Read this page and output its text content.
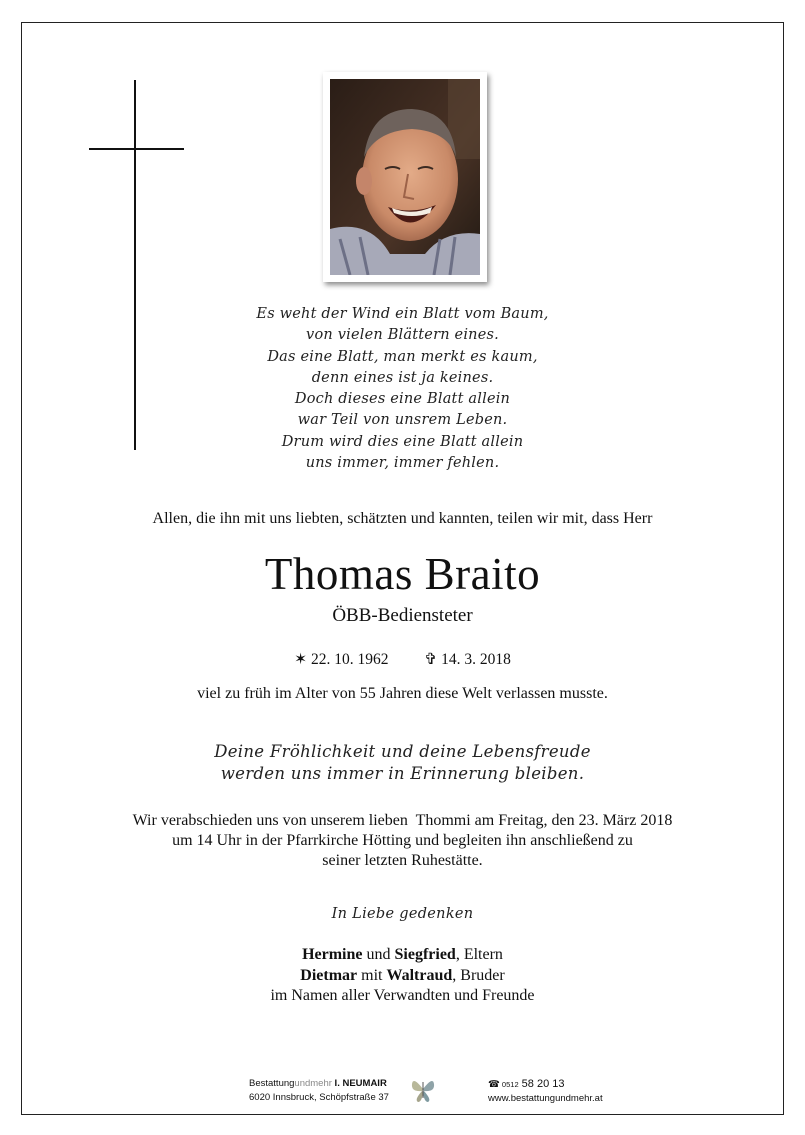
Es weht der Wind ein Blatt vom Baum,
von vielen Blättern eines.
Das eine Blatt, man merkt es kaum,
denn eines ist ja keines.
Doch dieses eine Blatt allein
war Teil von unsrem Leben.
Drum wird dies eine Blatt allein
uns immer, immer fehlen.
Allen, die ihn mit uns liebten, schätzten und kannten, teilen wir mit, dass Herr
Thomas Braito
ÖBB-Bediensteter
✶ 22. 10. 1962 ✞ 14. 3. 2018
viel zu früh im Alter von 55 Jahren diese Welt verlassen musste.
Deine Fröhlichkeit und deine Lebensfreude
werden uns immer in Erinnerung bleiben.
Wir verabschieden uns von unserem lieben  Thommi am Freitag, den 23. März 2018
um 14 Uhr in der Pfarrkirche Hötting und begleiten ihn anschließend zu
seiner letzten Ruhestätte.
In Liebe gedenken
Hermine und Siegfried, Eltern
Dietmar mit Waltraud, Bruder
im Namen aller Verwandten und Freunde
Bestattungundmehr I. NEUMAIR
6020 Innsbruck, Schöpfstraße 37
☎ 0512 58 20 13
www.bestattungundmehr.at
